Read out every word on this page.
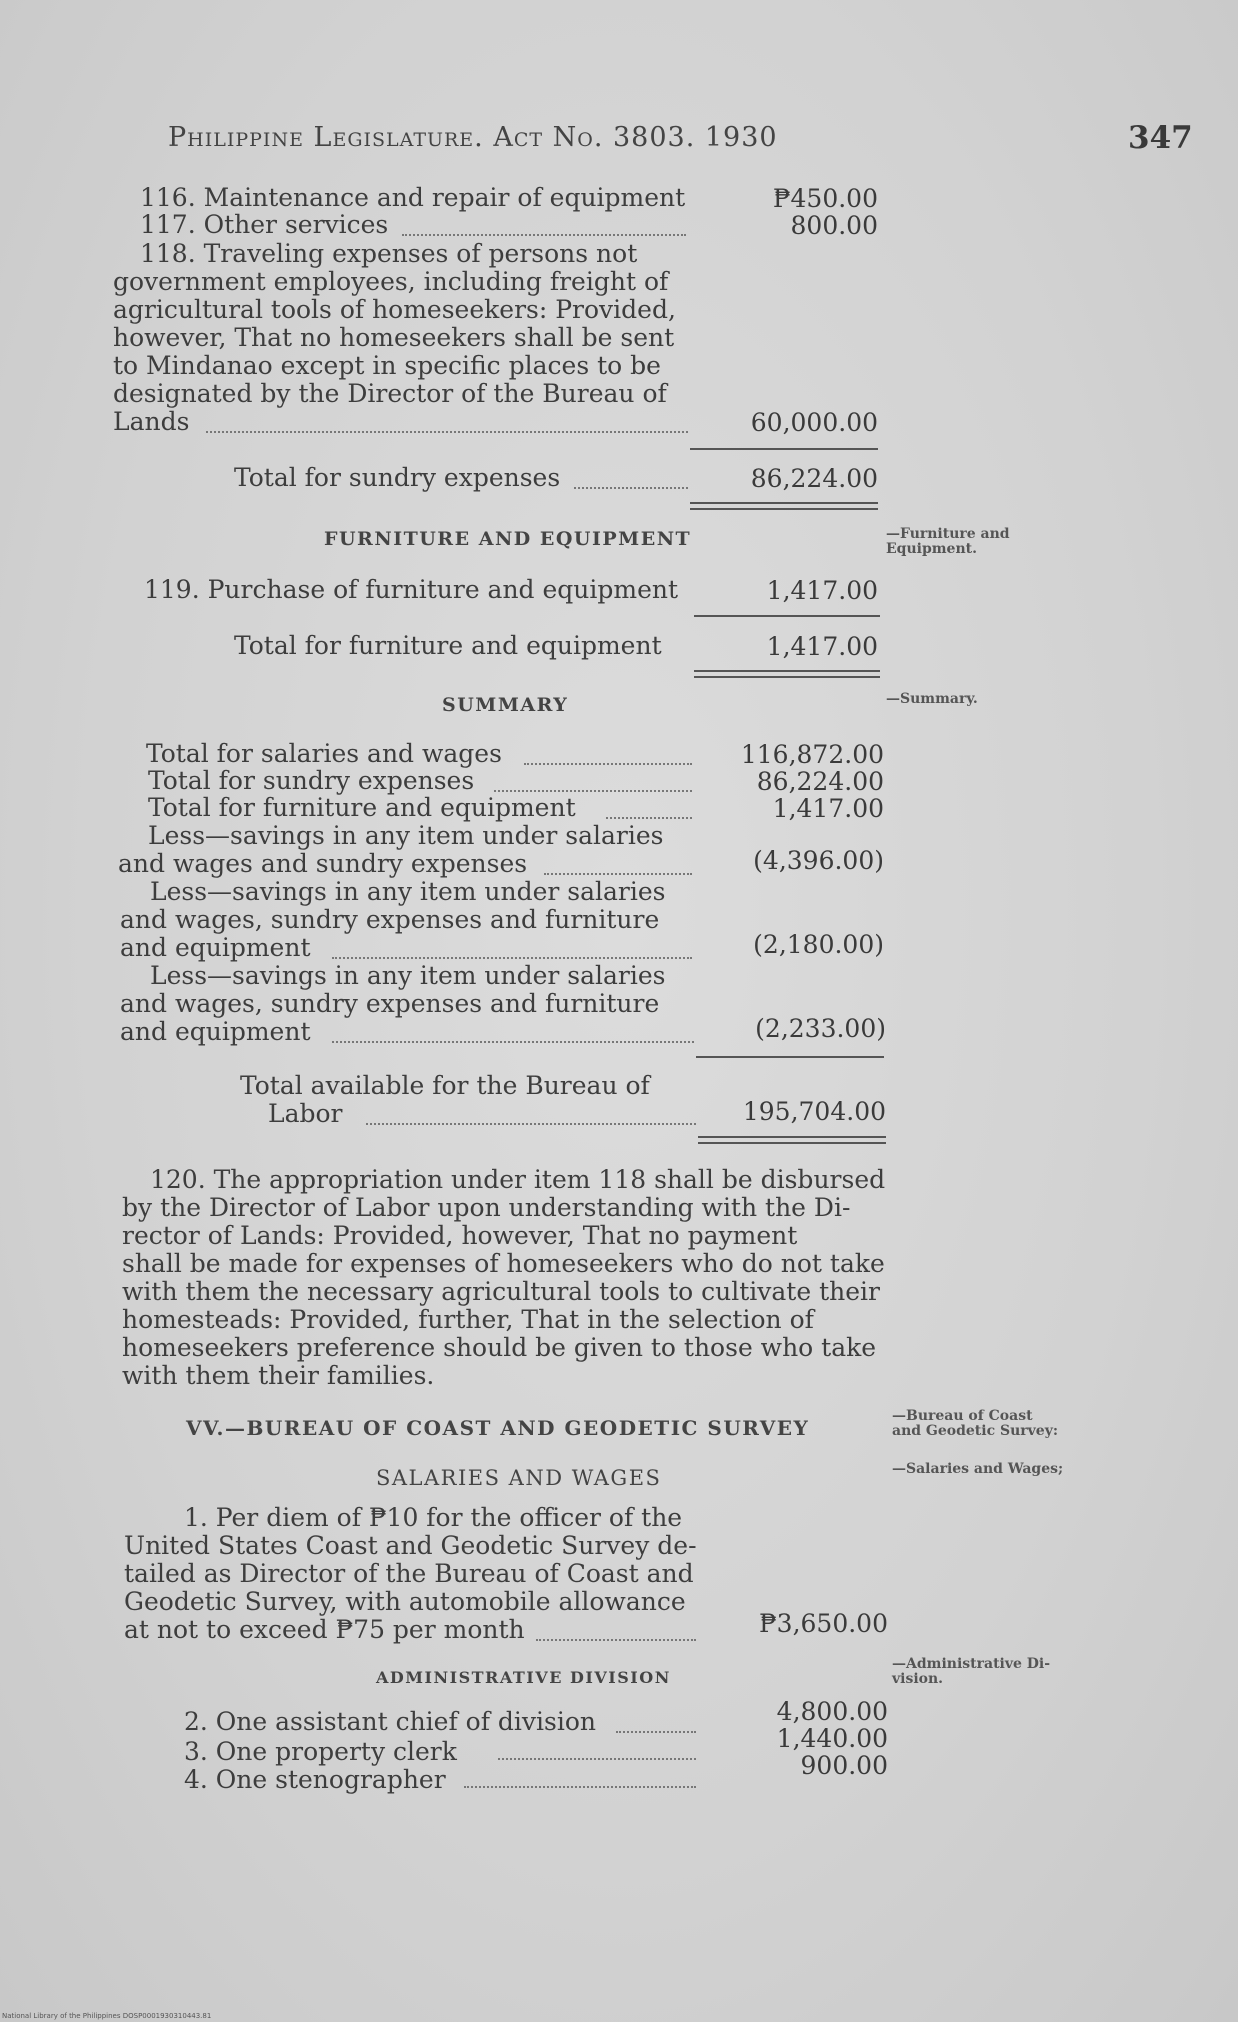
Philippine Legislature. Act No. 3803. 1930	347
116. Maintenance and repair of equipment	₱450.00
117. Other services	800.00
118. Traveling expenses of persons not
government employees, including freight of
agricultural tools of homeseekers: Provided,
however, That no homeseekers shall be sent
to Mindanao except in specific places to be
designated by the Director of the Bureau of
Lands	60,000.00
Total for sundry expenses	86,224.00
FURNITURE AND EQUIPMENT	—Furniture and
Equipment.
119. Purchase of furniture and equipment	1,417.00
Total for furniture and equipment	1,417.00
SUMMARY	—Summary.
Total for salaries and wages	116,872.00
Total for sundry expenses	86,224.00
Total for furniture and equipment	1,417.00
Less—savings in any item under salaries
and wages and sundry expenses	(4,396.00)
Less—savings in any item under salaries
and wages, sundry expenses and furniture
and equipment	(2,180.00)
Less—savings in any item under salaries
and wages, sundry expenses and furniture
and equipment	(2,233.00)
Total available for the Bureau of
Labor	195,704.00
120. The appropriation under item 118 shall be disbursed
by the Director of Labor upon understanding with the Di-
rector of Lands: Provided, however, That no payment
shall be made for expenses of homeseekers who do not take
with them the necessary agricultural tools to cultivate their
homesteads: Provided, further, That in the selection of
homeseekers preference should be given to those who take
with them their families.
VV.—BUREAU OF COAST AND GEODETIC SURVEY	—Bureau of Coast
and Geodetic Survey:
SALARIES AND WAGES	—Salaries and Wages;
1. Per diem of ₱10 for the officer of the
United States Coast and Geodetic Survey de-
tailed as Director of the Bureau of Coast and
Geodetic Survey, with automobile allowance
at not to exceed ₱75 per month	₱3,650.00
ADMINISTRATIVE DIVISION
—Administrative Di-
vision.
2. One assistant chief of division	4,800.00
3. One property clerk	1,440.00
4. One stenographer	900.00
National Library of the Philippines DOSP0001930310443.81
